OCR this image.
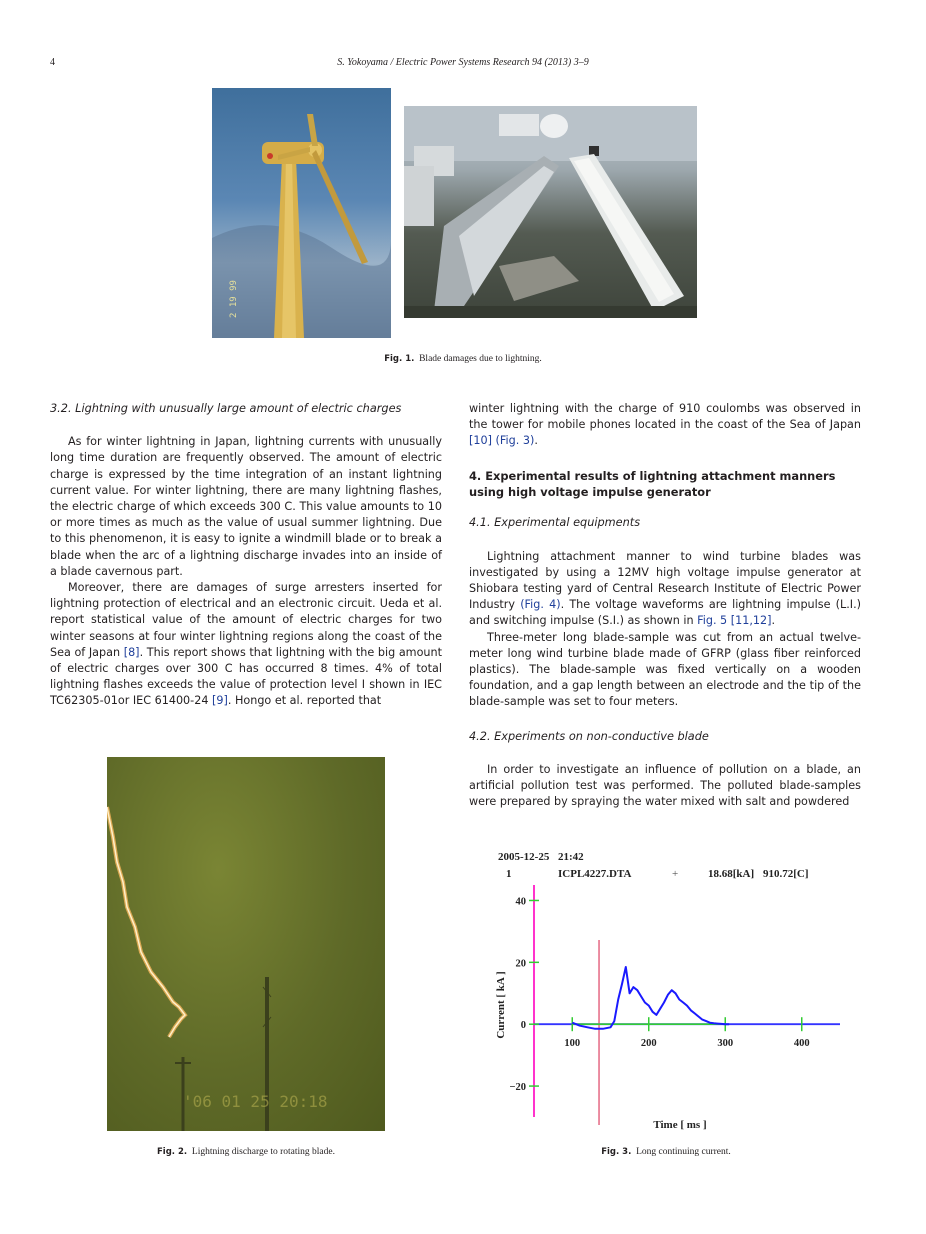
4	S. Yokoyama / Electric Power Systems Research 94 (2013) 3–9
2 19 99
Fig. 1. Blade damages due to lightning.
3.2. Lightning with unusually large amount of electric charges

As for winter lightning in Japan, lightning currents with unusually long time duration are frequently observed. The amount of electric charge is expressed by the time integration of an instant lightning current value. For winter lightning, there are many lightning flashes, the electric charge of which exceeds 300 C. This value amounts to 10 or more times as much as the value of usual summer lightning. Due to this phenomenon, it is easy to ignite a windmill blade or to break a blade when the arc of a lightning discharge invades into an inside of a blade cavernous part.

Moreover, there are damages of surge arresters inserted for lightning protection of electrical and an electronic circuit. Ueda et al. report statistical value of the amount of electric charges for two winter seasons at four winter lightning regions along the coast of the Sea of Japan [8]. This report shows that lightning with the big amount of electric charges over 300 C has occurred 8 times. 4% of total lightning flashes exceeds the value of protection level I shown in IEC TC62305-01or IEC 61400-24 [9]. Hongo et al. reported that

winter lightning with the charge of 910 coulombs was observed in the tower for mobile phones located in the coast of the Sea of Japan [10] (Fig. 3).

4. Experimental results of lightning attachment manners using high voltage impulse generator
4.1. Experimental equipments

Lightning attachment manner to wind turbine blades was investigated by using a 12MV high voltage impulse generator at Shiobara testing yard of Central Research Institute of Electric Power Industry (Fig. 4). The voltage waveforms are lightning impulse (L.I.) and switching impulse (S.I.) as shown in Fig. 5 [11,12].

Three-meter long blade-sample was cut from an actual twelve-meter long wind turbine blade made of GFRP (glass fiber reinforced plastics). The blade-sample was fixed vertically on a wooden foundation, and a gap length between an electrode and the tip of the blade-sample was set to four meters.

4.2. Experiments on non-conductive blade

In order to investigate an influence of pollution on a blade, an artificial pollution test was performed. The polluted blade-samples were prepared by spraying the water mixed with salt and powdered

'06 01 25 20:18
Fig. 2. Lightning discharge to rotating blade.
2005-12-25 21:42
1	ICPL4227.DTA	+	18.68[kA] 910.72[C]
Current [ kA ]
Time [ ms ]
40
20
0
−20
100	200	300	400
Fig. 3. Long continuing current.
